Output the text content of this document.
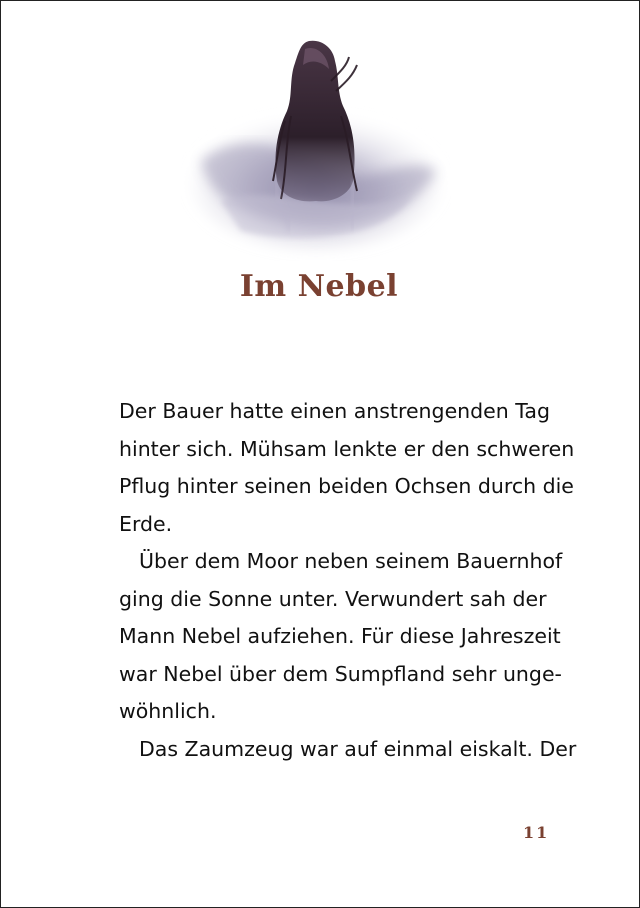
Im Nebel
Der Bauer hatte einen anstrengenden Tag
hinter sich. Mühsam lenkte er den schweren
Pflug hinter seinen beiden Ochsen durch die
Erde.
Über dem Moor neben seinem Bauernhof
ging die Sonne unter. Verwundert sah der
Mann Nebel aufziehen. Für diese Jahreszeit
war Nebel über dem Sumpfland sehr unge-
wöhnlich.
Das Zaumzeug war auf einmal eiskalt. Der
11
